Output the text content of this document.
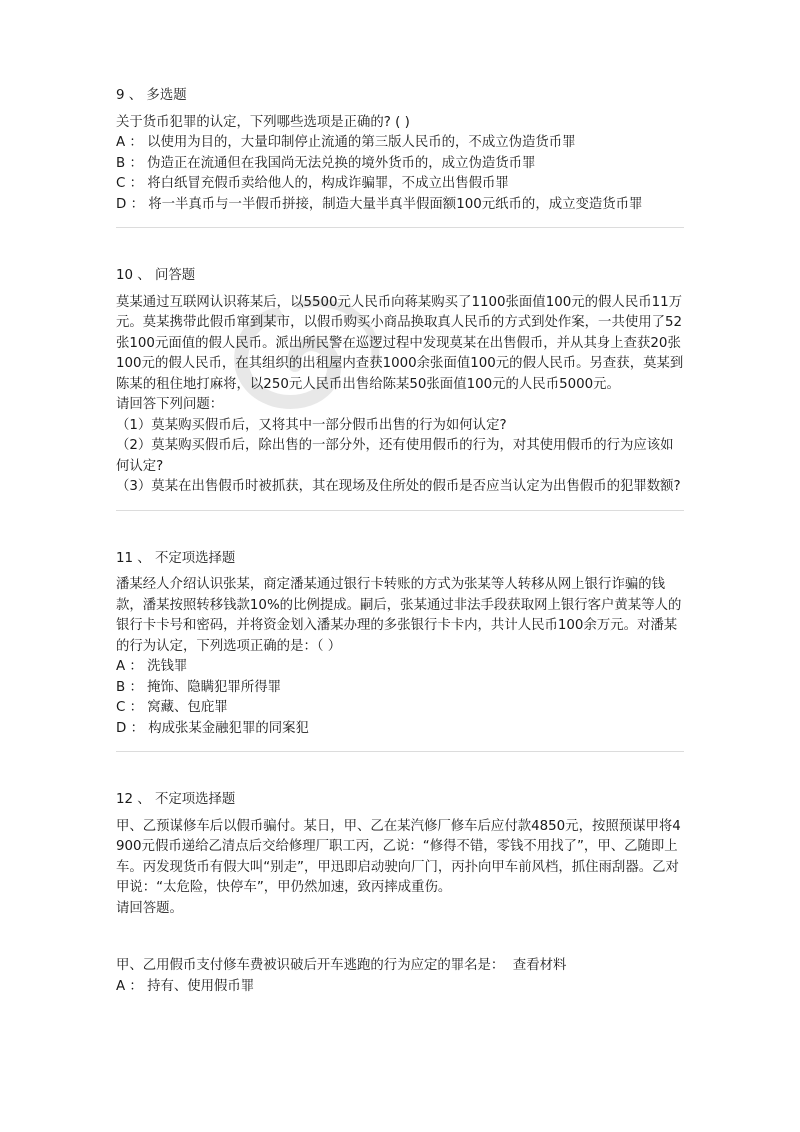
9 、 多选题
关于货币犯罪的认定，下列哪些选项是正确的? ( )
A ： 以使用为目的，大量印制停止流通的第三版人民币的，不成立伪造货币罪
B ： 伪造正在流通但在我国尚无法兑换的境外货币的，成立伪造货币罪
C ： 将白纸冒充假币卖给他人的，构成诈骗罪，不成立出售假币罪
D ： 将一半真币与一半假币拼接，制造大量半真半假面额100元纸币的，成立变造货币罪
10 、 问答题
莫某通过互联网认识蒋某后，以5500元人民币向蒋某购买了1100张面值100元的假人民币11万元。莫某携带此假币窜到某市，以假币购买小商品换取真人民币的方式到处作案，一共使用了52张100元面值的假人民币。派出所民警在巡逻过程中发现莫某在出售假币，并从其身上查获20张100元的假人民币，在其组织的出租屋内查获1000余张面值100元的假人民币。另查获，莫某到陈某的租住地打麻将，以250元人民币出售给陈某50张面值100元的人民币5000元。
请回答下列问题：
（1）莫某购买假币后，又将其中一部分假币出售的行为如何认定?
（2）莫某购买假币后，除出售的一部分外，还有使用假币的行为，对其使用假币的行为应该如何认定?
（3）莫某在出售假币时被抓获，其在现场及住所处的假币是否应当认定为出售假币的犯罪数额?
11 、 不定项选择题
潘某经人介绍认识张某，商定潘某通过银行卡转账的方式为张某等人转移从网上银行诈骗的钱款，潘某按照转移钱款10%的比例提成。嗣后，张某通过非法手段获取网上银行客户黄某等人的银行卡卡号和密码，并将资金划入潘某办理的多张银行卡卡内，共计人民币100余万元。对潘某的行为认定，下列选项正确的是：（ ）
A ： 洗钱罪
B ： 掩饰、隐瞒犯罪所得罪
C ： 窝藏、包庇罪
D ： 构成张某金融犯罪的同案犯
12 、 不定项选择题
甲、乙预谋修车后以假币骗付。某日，甲、乙在某汽修厂修车后应付款4850元，按照预谋甲将4900元假币递给乙清点后交给修理厂职工丙，乙说：“修得不错，零钱不用找了”，甲、乙随即上车。丙发现货币有假大叫“别走”，甲迅即启动驶向厂门，丙扑向甲车前风档，抓住雨刮器。乙对甲说：“太危险，快停车”，甲仍然加速，致丙摔成重伤。
请回答题。
甲、乙用假币支付修车费被识破后开车逃跑的行为应定的罪名是：  查看材料
A ： 持有、使用假币罪
